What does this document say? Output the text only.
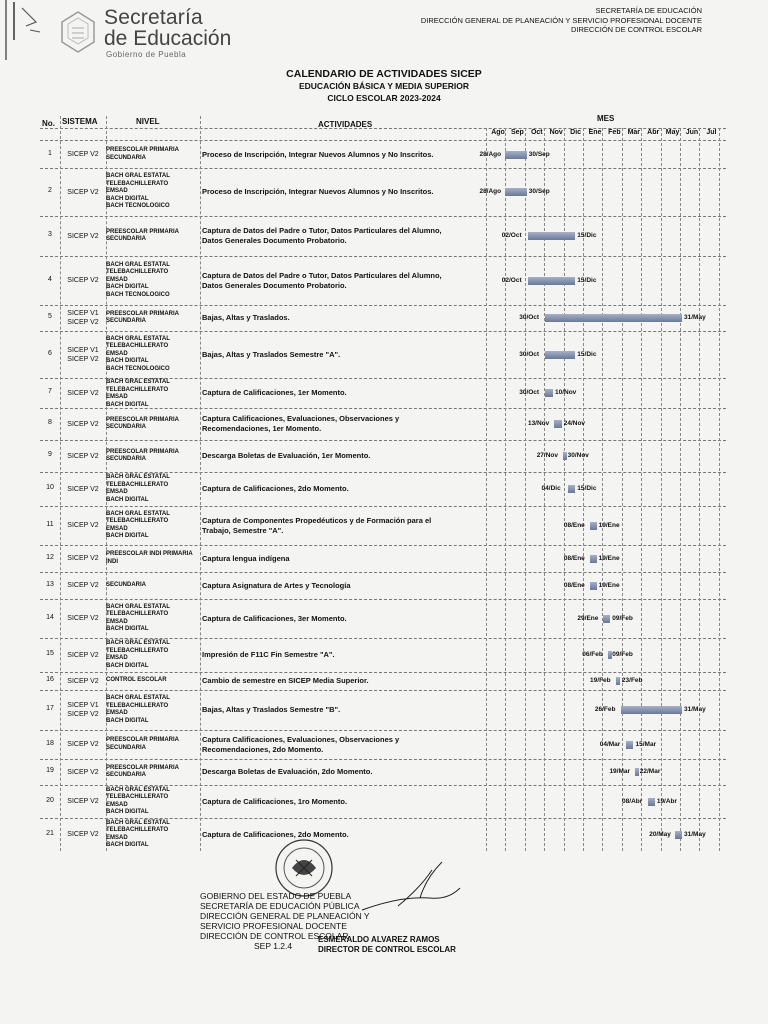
Secretaría
de Educación
Gobierno de Puebla
SECRETARÍA DE EDUCACIÓN
DIRECCIÓN GENERAL DE PLANEACIÓN Y SERVICIO PROFESIONAL DOCENTE
DIRECCIÓN DE CONTROL ESCOLAR
CALENDARIO DE ACTIVIDADES SICEP
EDUCACIÓN BÁSICA Y MEDIA SUPERIOR
CICLO ESCOLAR 2023-2024
No. SISTEMA	NIVEL	ACTIVIDADES
MES
Ago Sep	Oct Nov	Dic	Ene Feb Mar	Abr May Jun	Jul
1	SICEP V2
PREESCOLAR PRIMARIA
SECUNDARIA	Proceso de Inscripción, Integrar Nuevos Alumnos y No Inscritos.	28/Ago	30/Sep
2	SICEP V2
BACH GRAL ESTATAL
TELEBACHILLERATO
EMSAD
BACH DIGITAL
BACH TECNOLOGICO
Proceso de Inscripción, Integrar Nuevos Alumnos y No Inscritos.	28/Ago	30/Sep
3	SICEP V2
PREESCOLAR PRIMARIA
SECUNDARIA
Captura de Datos del Padre o Tutor, Datos Particulares del Alumno,
Datos Generales Documento Probatorio.
02/Oct	15/Dic
4	SICEP V2
BACH GRAL ESTATAL
TELEBACHILLERATO
EMSAD
BACH DIGITAL
BACH TECNOLOGICO
Captura de Datos del Padre o Tutor, Datos Particulares del Alumno,
Datos Generales Documento Probatorio.
02/Oct	15/Dic
5	SICEP V1
SICEP V2
PREESCOLAR PRIMARIA
SECUNDARIA	Bajas, Altas y Traslados.	30/Oct	31/May
6	SICEP V1
SICEP V2
BACH GRAL ESTATAL
TELEBACHILLERATO
EMSAD
BACH DIGITAL
BACH TECNOLOGICO
Bajas, Altas y Traslados Semestre "A".	30/Oct	15/Dic
7	SICEP V2
BACH GRAL ESTATAL
TELEBACHILLERATO
EMSAD
BACH DIGITAL
Captura de Calificaciones, 1er Momento.	30/Oct 10/Nov
8	SICEP V2
PREESCOLAR PRIMARIA
SECUNDARIA
Captura Calificaciones, Evaluaciones, Observaciones y
Recomendaciones, 1er Momento.
13/Nov 24/Nov
9	SICEP V2
PREESCOLAR PRIMARIA
SECUNDARIA	Descarga Boletas de Evaluación, 1er Momento.	27/Nov 30/Nov
10	SICEP V2
BACH GRAL ESTATAL
TELEBACHILLERATO
EMSAD
BACH DIGITAL
Captura de Calificaciones, 2do Momento.	04/Dic	15/Dic
11	SICEP V2
BACH GRAL ESTATAL
TELEBACHILLERATO
EMSAD
BACH DIGITAL
Captura de Componentes Propedéuticos y de Formación para el
Trabajo, Semestre "A".
08/Ene 19/Ene
12	SICEP V2
PREESCOLAR INDI PRIMARIA
INDI	Captura lengua indígena	08/Ene 19/Ene
13	SICEP V2	SECUNDARIA	Captura Asignatura de Artes y Tecnología	08/Ene 19/Ene
14	SICEP V2
BACH GRAL ESTATAL
TELEBACHILLERATO
EMSAD
BACH DIGITAL
Captura de Calificaciones, 3er Momento.	29/Ene 09/Feb
15	SICEP V2
BACH GRAL ESTATAL
TELEBACHILLERATO
EMSAD
BACH DIGITAL
Impresión de F11C Fin Semestre "A".	06/Feb 09/Feb
16	SICEP V2	CONTROL ESCOLAR	Cambio de semestre en SICEP Media Superior.	19/Feb 23/Feb
17	SICEP V1
SICEP V2
BACH GRAL ESTATAL
TELEBACHILLERATO
EMSAD
BACH DIGITAL
Bajas, Altas y Traslados Semestre "B".	26/Feb	31/May
18	SICEP V2
PREESCOLAR PRIMARIA
SECUNDARIA
Captura Calificaciones, Evaluaciones, Observaciones y
Recomendaciones, 2do Momento.
04/Mar 15/Mar
19	SICEP V2
PREESCOLAR PRIMARIA
SECUNDARIA	Descarga Boletas de Evaluación, 2do Momento.	19/Mar 22/Mar
20	SICEP V2
BACH GRAL ESTATAL
TELEBACHILLERATO
EMSAD
BACH DIGITAL
Captura de Calificaciones, 1ro Momento.	08/Abr 19/Abr
21	SICEP V2
BACH GRAL ESTATAL
TELEBACHILLERATO
EMSAD
BACH DIGITAL
Captura de Calificaciones, 2do Momento.	20/May 31/May
GOBIERNO DEL ESTADO DE PUEBLA
SECRETARÍA DE EDUCACIÓN PÚBLICA
DIRECCIÓN GENERAL DE PLANEACIÓN Y
SERVICIO PROFESIONAL DOCENTE
DIRECCIÓN DE CONTROL ESCOLAR
SEP 1.2.4
ESMERALDO ALVAREZ RAMOS
DIRECTOR DE CONTROL ESCOLAR
